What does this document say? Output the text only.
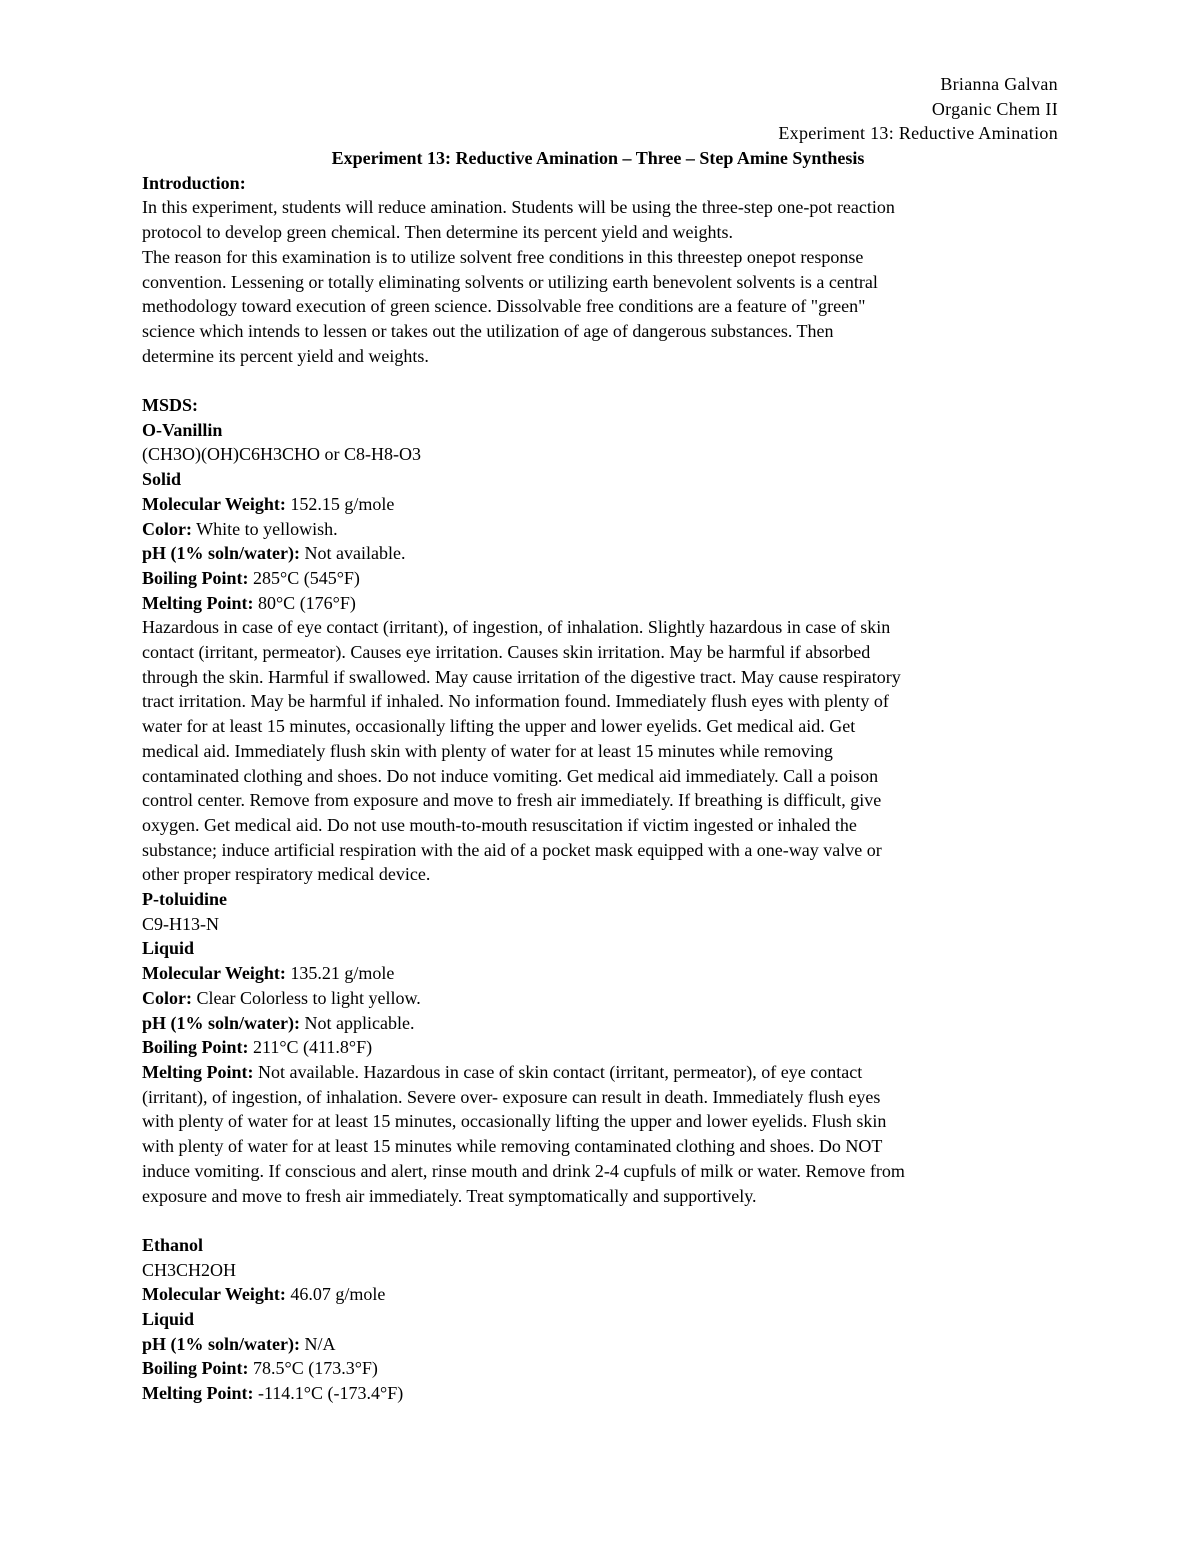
Brianna Galvan
Organic Chem II
Experiment 13: Reductive Amination
Experiment 13: Reductive Amination – Three – Step Amine Synthesis
Introduction:
In this experiment, students will reduce amination. Students will be using the three-step one-pot reaction
protocol to develop green chemical. Then determine its percent yield and weights.
The reason for this examination is to utilize solvent free conditions in this threestep onepot response
convention. Lessening or totally eliminating solvents or utilizing earth benevolent solvents is a central
methodology toward execution of green science. Dissolvable free conditions are a feature of "green"
science which intends to lessen or takes out the utilization of age of dangerous substances. Then
determine its percent yield and weights.
MSDS:
O-Vanillin
(CH3O)(OH)C6H3CHO or C8-H8-O3
Solid
Molecular Weight: 152.15 g/mole
Color: White to yellowish.
pH (1% soln/water): Not available.
Boiling Point: 285°C (545°F)
Melting Point: 80°C (176°F)
Hazardous in case of eye contact (irritant), of ingestion, of inhalation. Slightly hazardous in case of skin
contact (irritant, permeator). Causes eye irritation. Causes skin irritation. May be harmful if absorbed
through the skin. Harmful if swallowed. May cause irritation of the digestive tract. May cause respiratory
tract irritation. May be harmful if inhaled. No information found. Immediately flush eyes with plenty of
water for at least 15 minutes, occasionally lifting the upper and lower eyelids. Get medical aid. Get
medical aid. Immediately flush skin with plenty of water for at least 15 minutes while removing
contaminated clothing and shoes. Do not induce vomiting. Get medical aid immediately. Call a poison
control center. Remove from exposure and move to fresh air immediately. If breathing is difficult, give
oxygen. Get medical aid. Do not use mouth-to-mouth resuscitation if victim ingested or inhaled the
substance; induce artificial respiration with the aid of a pocket mask equipped with a one-way valve or
other proper respiratory medical device.
P-toluidine
C9-H13-N
Liquid
Molecular Weight: 135.21 g/mole
Color: Clear Colorless to light yellow.
pH (1% soln/water): Not applicable.
Boiling Point: 211°C (411.8°F)
Melting Point: Not available. Hazardous in case of skin contact (irritant, permeator), of eye contact
(irritant), of ingestion, of inhalation. Severe over- exposure can result in death. Immediately flush eyes
with plenty of water for at least 15 minutes, occasionally lifting the upper and lower eyelids. Flush skin
with plenty of water for at least 15 minutes while removing contaminated clothing and shoes. Do NOT
induce vomiting. If conscious and alert, rinse mouth and drink 2-4 cupfuls of milk or water. Remove from
exposure and move to fresh air immediately. Treat symptomatically and supportively.
Ethanol
CH3CH2OH
Molecular Weight: 46.07 g/mole
Liquid
pH (1% soln/water): N/A
Boiling Point: 78.5°C (173.3°F)
Melting Point: -114.1°C (-173.4°F)
